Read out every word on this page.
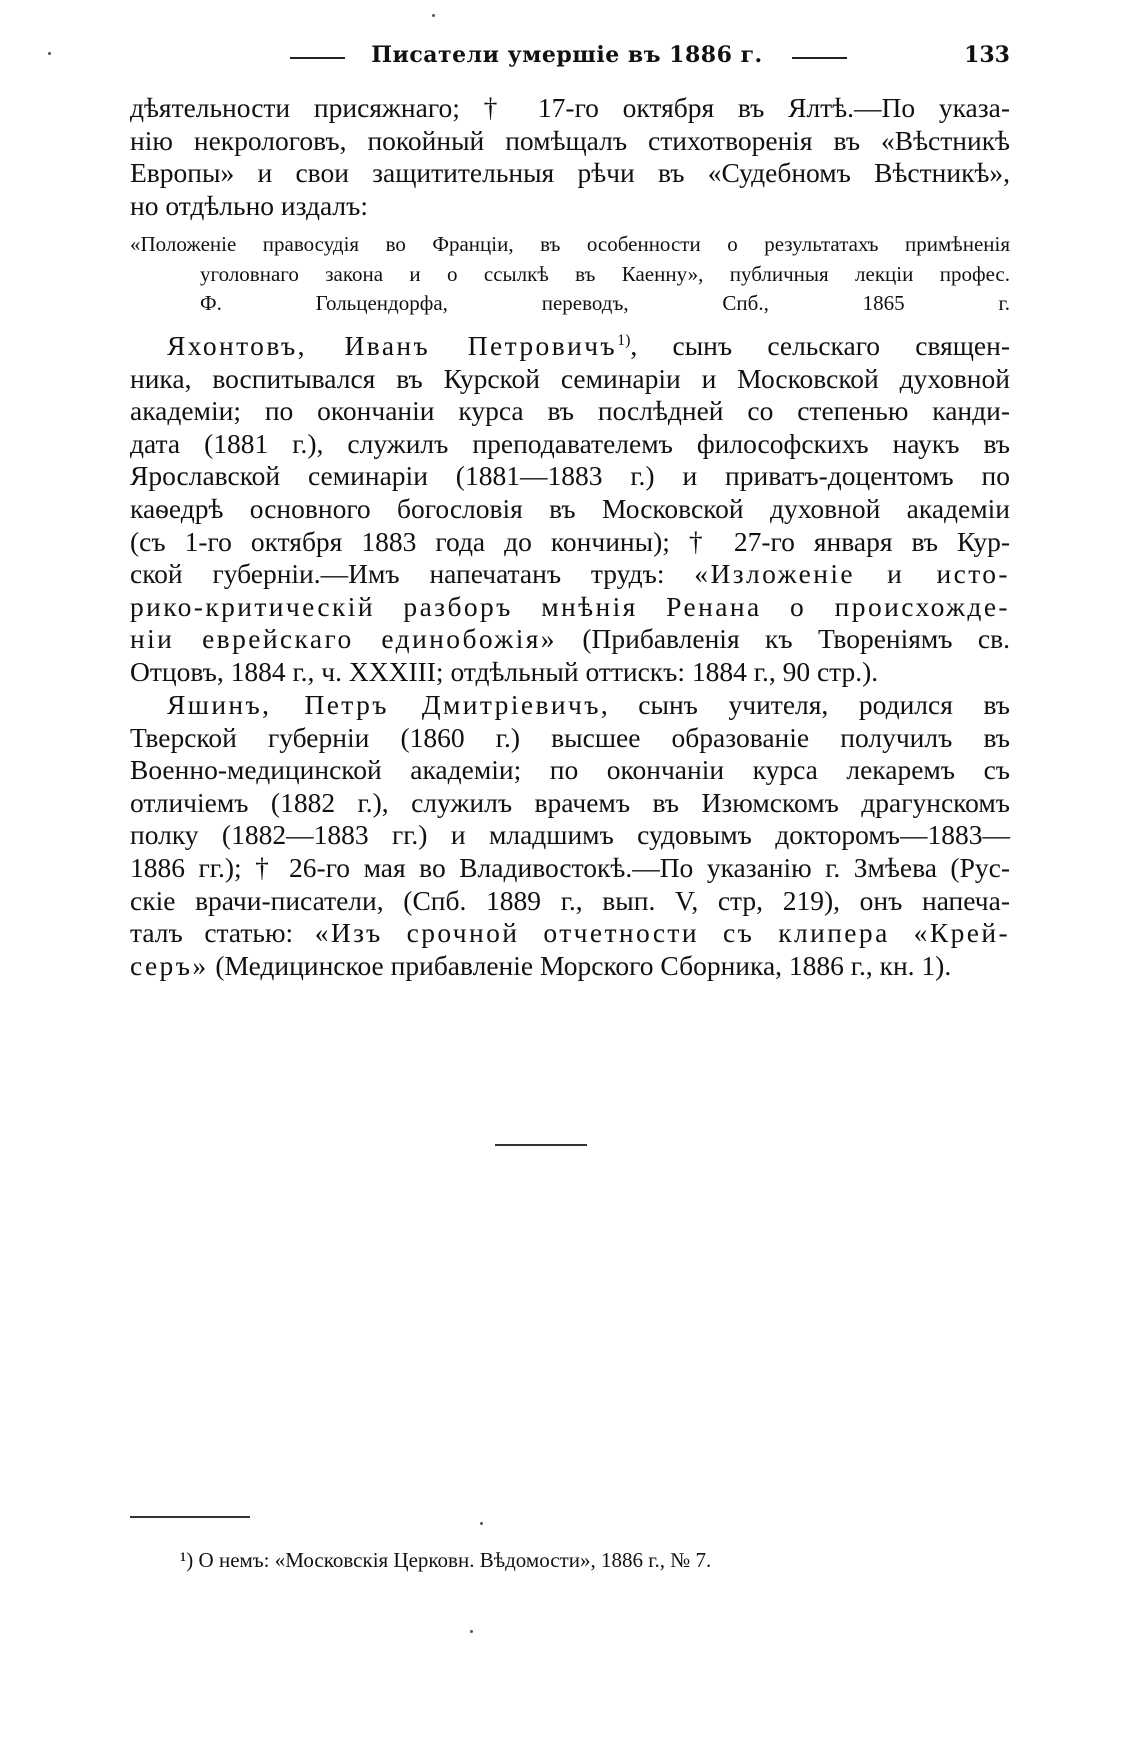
Писатели умершіе въ 1886 г.	133
дѣятельности присяжнаго; † 17-го октября въ Ялтѣ.—По указа-
нію некрологовъ, покойный помѣщалъ стихотворенія въ «Вѣстникѣ
Европы» и свои защитительныя рѣчи въ «Судебномъ Вѣстникѣ»,
но отдѣльно издалъ:
«Положеніе правосудія во Франціи, въ особенности о результатахъ примѣненія
уголовнаго закона и о ссылкѣ въ Каенну», публичныя лекціи профес.
Ф. Гольцендорфа, переводъ, Спб., 1865 г.
Яхонтовъ, Иванъ Петровичъ$^{1)}$, сынъ сельскаго священ-
ника, воспитывался въ Курской семинаріи и Московской духовной
академіи; по окончаніи курса въ послѣдней со степенью канди-
дата (1881 г.), служилъ преподавателемъ философскихъ наукъ въ
Ярославской семинаріи (1881—1883 г.) и приватъ-доцентомъ по
каѳедрѣ основного богословія въ Московской духовной академіи
(съ 1-го октября 1883 года до кончины); † 27-го января въ Кур-
ской губерніи.—Имъ напечатанъ трудъ: «Изложеніе и исто-
рико-критическій разборъ мнѣнія Ренана о происхожде-
ніи еврейскаго единобожія» (Прибавленія къ Твореніямъ св.
Отцовъ, 1884 г., ч. XXXIII; отдѣльный оттискъ: 1884 г., 90 стр.).
Яшинъ, Петръ Дмитріевичъ, сынъ учителя, родился въ
Тверской губерніи (1860 г.) высшее образованіе получилъ въ
Военно-медицинской академіи; по окончаніи курса лекаремъ съ
отличіемъ (1882 г.), служилъ врачемъ въ Изюмскомъ драгунскомъ
полку (1882—1883 гг.) и младшимъ судовымъ докторомъ—1883—
1886 гг.); † 26-го мая во Владивостокѣ.—По указанію г. Змѣева (Рус-
скіе врачи-писатели, (Спб. 1889 г., вып. V, стр, 219), онъ напеча-
талъ статью: «Изъ срочной отчетности съ клипера «Крей-
серъ» (Медицинское прибавленіе Морского Сборника, 1886 г., кн. 1).
¹) О немъ: «Московскія Церковн. Вѣдомости», 1886 г., № 7.
